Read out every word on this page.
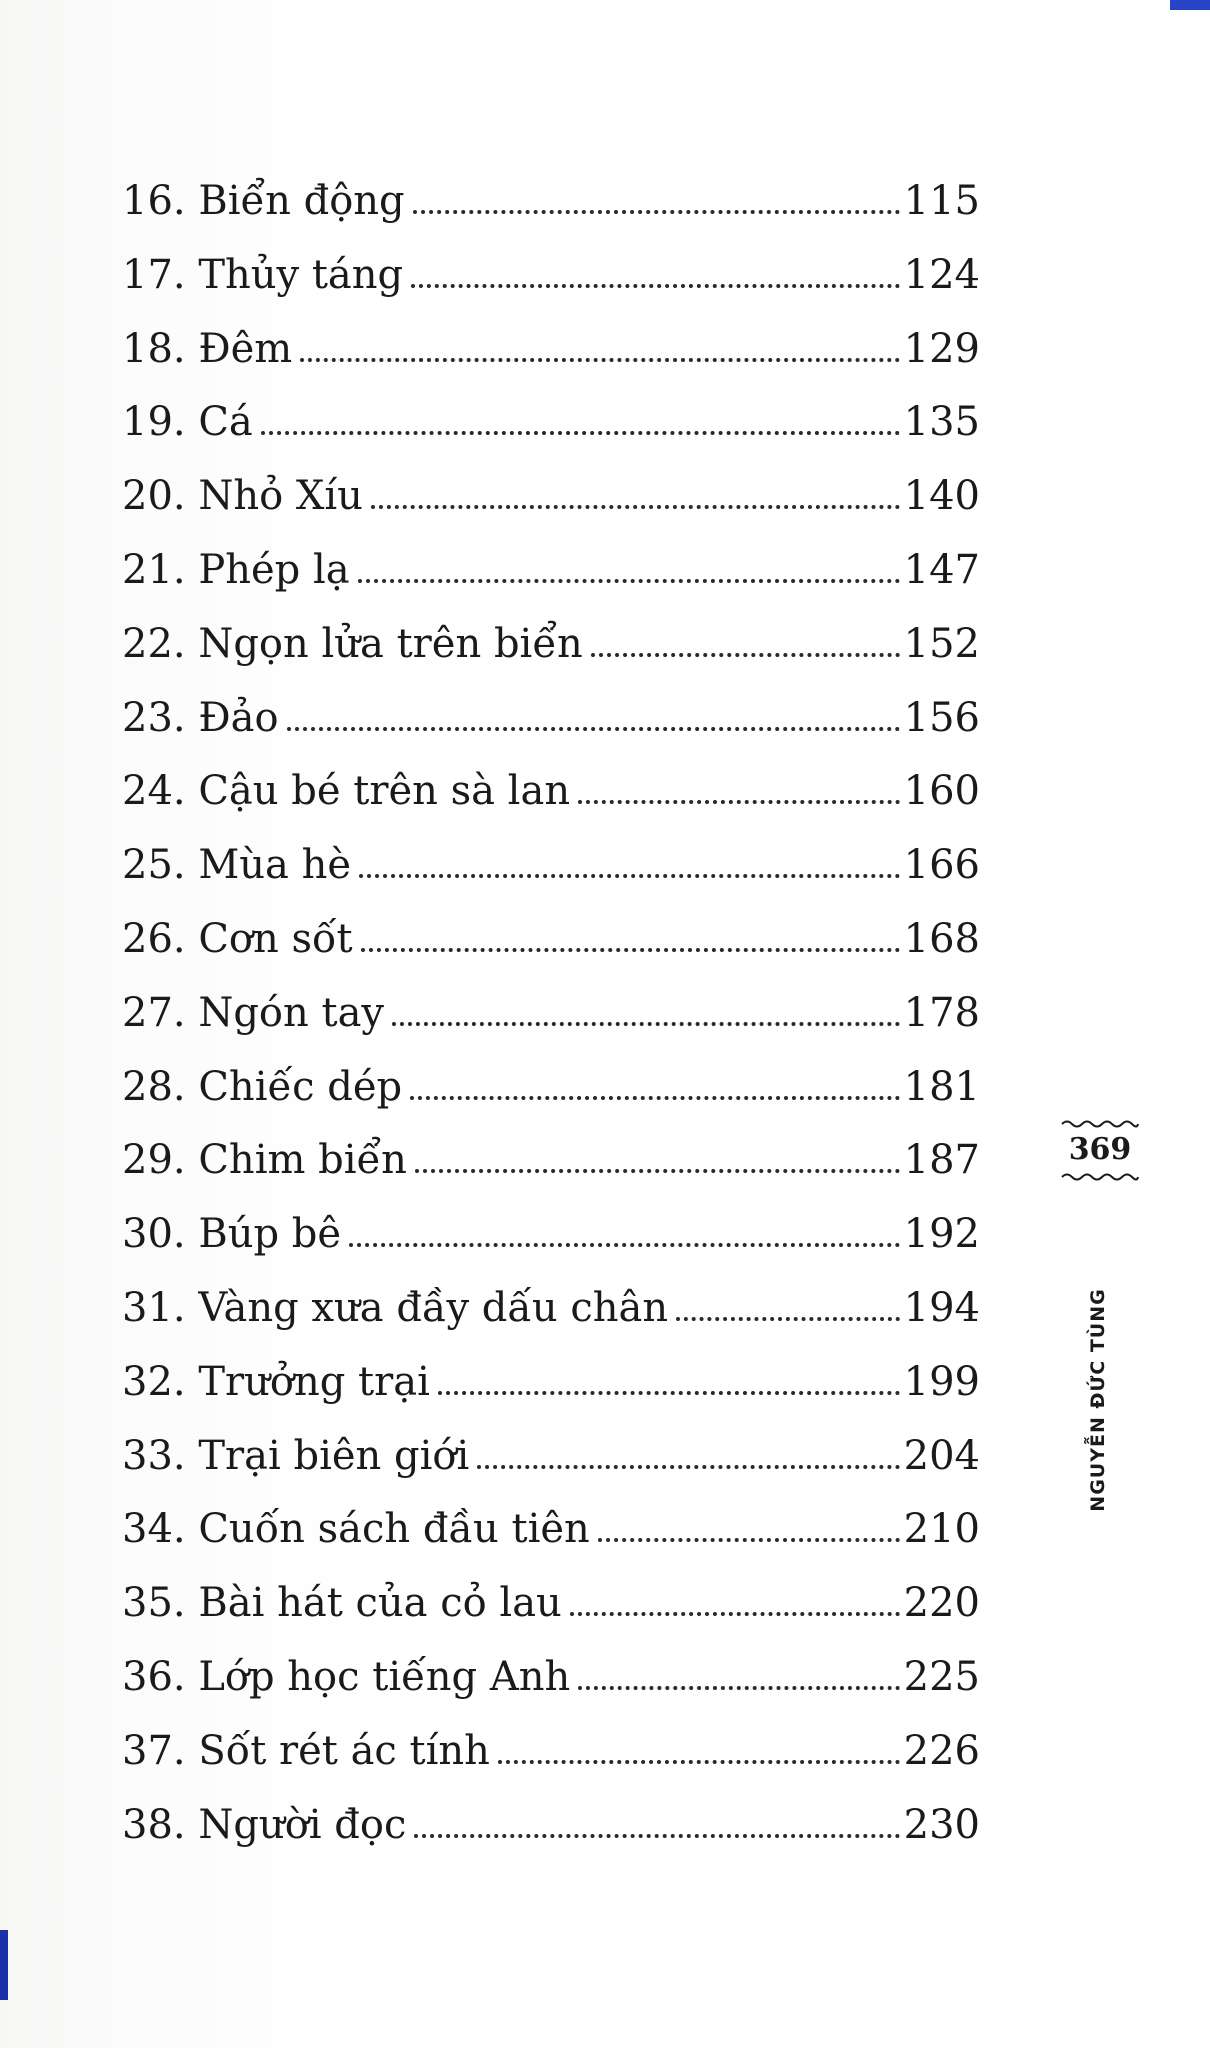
16. Biển động	115
17. Thủy táng	124
18. Đêm	129
19. Cá	135
20. Nhỏ Xíu	140
21. Phép lạ	147
22. Ngọn lửa trên biển	152
23. Đảo	156
24. Cậu bé trên sà lan	160
25. Mùa hè	166
26. Cơn sốt	168
27. Ngón tay	178
28. Chiếc dép	181
29. Chim biển	187
30. Búp bê	192
31. Vàng xưa đầy dấu chân	194
32. Trưởng trại	199
33. Trại biên giới	204
34. Cuốn sách đầu tiên	210
35. Bài hát của cỏ lau	220
36. Lớp học tiếng Anh	225
37. Sốt rét ác tính	226
38. Người đọc	230
369
NGUYỄN ĐỨC TÙNG
